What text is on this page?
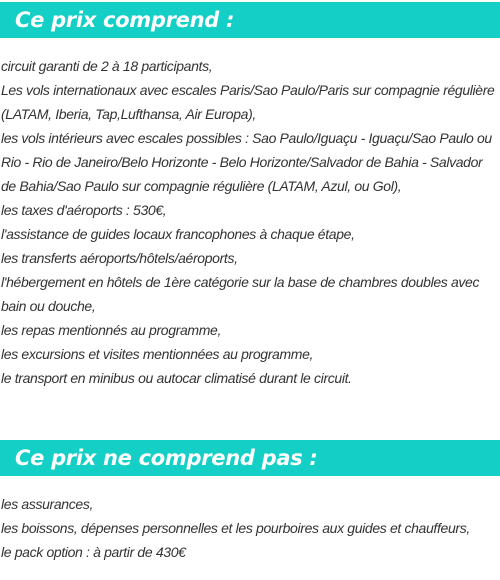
Ce prix comprend :
circuit garanti de 2 à 18 participants,
Les vols internationaux avec escales Paris/Sao Paulo/Paris sur compagnie régulière (LATAM, Iberia, Tap,Lufthansa, Air Europa),
les vols intérieurs avec escales possibles : Sao Paulo/Iguaçu - Iguaçu/Sao Paulo ou Rio - Rio de Janeiro/Belo Horizonte - Belo Horizonte/Salvador de Bahia - Salvador de Bahia/Sao Paulo sur compagnie régulière (LATAM, Azul, ou Gol),
les taxes d'aéroports : 530€,
l'assistance de guides locaux francophones à chaque étape,
les transferts aéroports/hôtels/aéroports,
l'hébergement en hôtels de 1ère catégorie sur la base de chambres doubles avec bain ou douche,
les repas mentionnés au programme,
les excursions et visites mentionnées au programme,
le transport en minibus ou autocar climatisé durant le circuit.
Ce prix ne comprend pas :
les assurances,
les boissons, dépenses personnelles et les pourboires aux guides et chauffeurs,
le pack option : à partir de 430€
